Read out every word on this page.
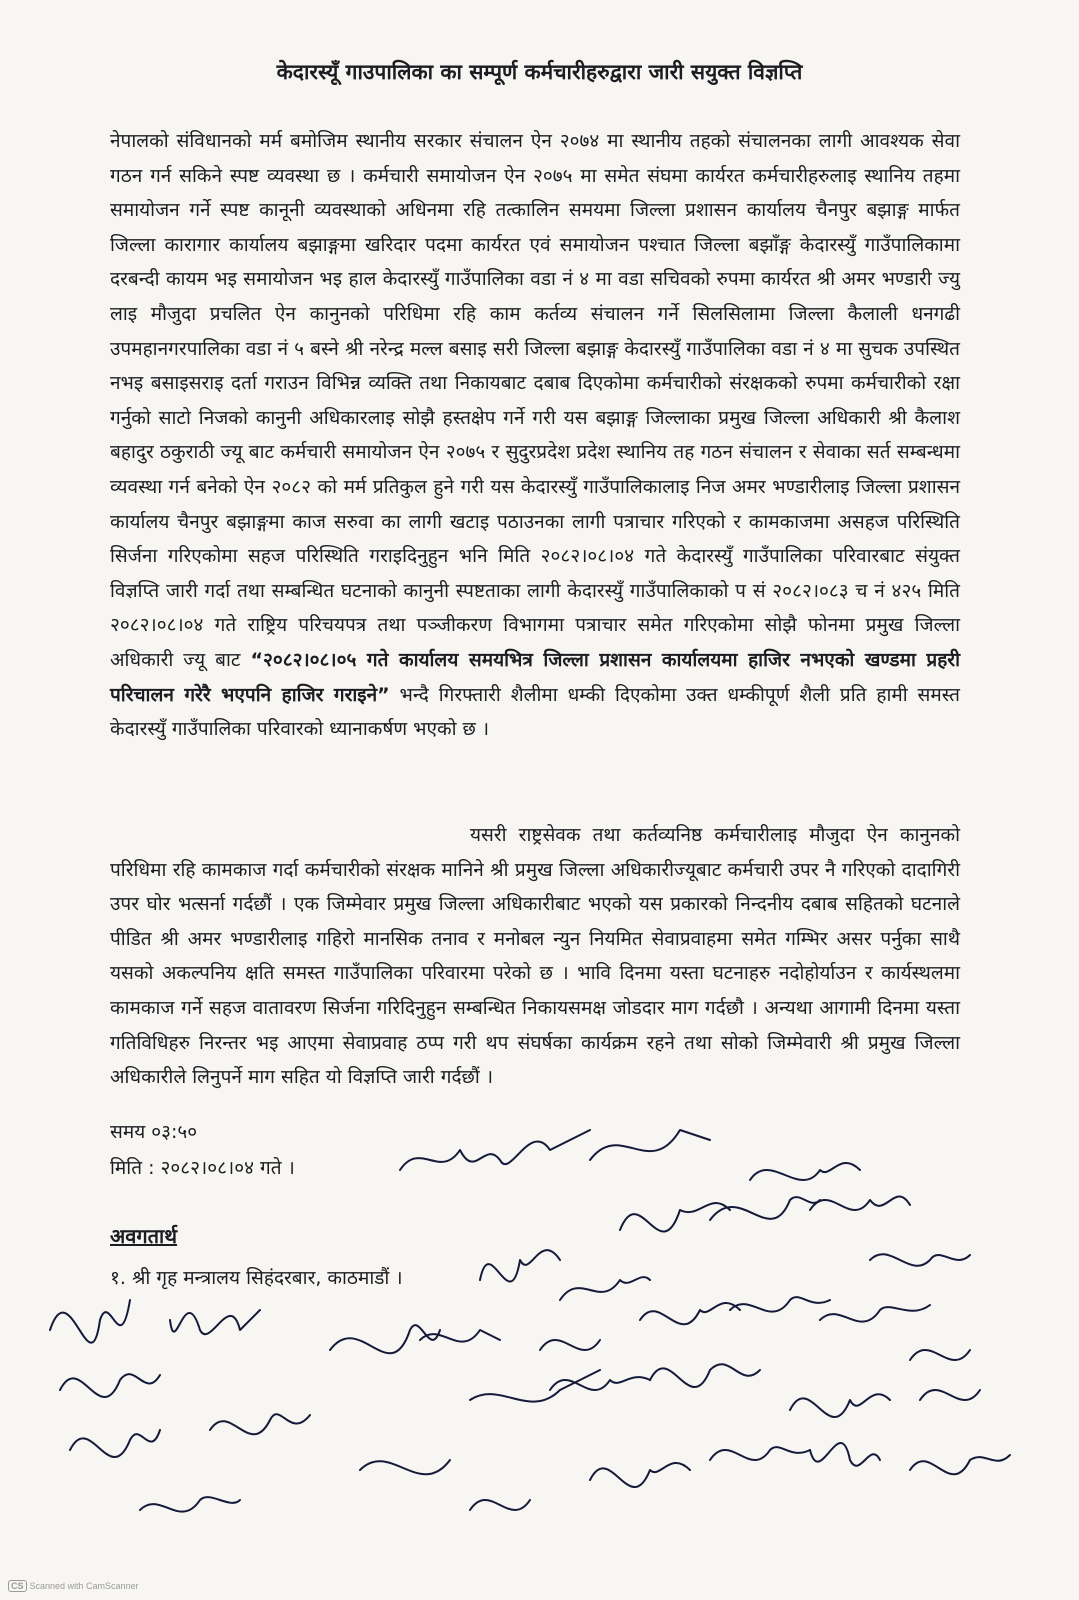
केदारस्यूँ गाउपालिका का सम्पूर्ण कर्मचारीहरुद्वारा जारी सयुक्त विज्ञप्ति

नेपालको संविधानको मर्म बमोजिम स्थानीय सरकार संचालन ऐन २०७४ मा स्थानीय तहको संचालनका लागी आवश्यक सेवा गठन गर्न सकिने स्पष्ट व्यवस्था छ । कर्मचारी समायोजन ऐन २०७५ मा समेत संघमा कार्यरत कर्मचारीहरुलाइ स्थानिय तहमा समायोजन गर्ने स्पष्ट कानूनी व्यवस्थाको अधिनमा रहि तत्कालिन समयमा जिल्ला प्रशासन कार्यालय चैनपुर बझाङ्ग मार्फत जिल्ला कारागार कार्यालय बझाङ्गमा खरिदार पदमा कार्यरत एवं समायोजन पश्चात जिल्ला बझाँङ्ग केदारस्युँ गाउँपालिकामा दरबन्दी कायम भइ समायोजन भइ हाल केदारस्युँ गाउँपालिका वडा नं ४ मा वडा सचिवको रुपमा कार्यरत श्री अमर भण्डारी ज्यु लाइ मौजुदा प्रचलित ऐन कानुनको परिधिमा रहि काम कर्तव्य संचालन गर्ने सिलसिलामा जिल्ला कैलाली धनगढी उपमहानगरपालिका वडा नं ५ बस्ने श्री नरेन्द्र मल्ल बसाइ सरी जिल्ला बझाङ्ग केदारस्युँ गाउँपालिका वडा नं ४ मा सुचक उपस्थित नभइ बसाइसराइ दर्ता गराउन विभिन्न व्यक्ति तथा निकायबाट दबाब दिएकोमा कर्मचारीको संरक्षकको रुपमा कर्मचारीको रक्षा गर्नुको साटो निजको कानुनी अधिकारलाइ सोझै हस्तक्षेप गर्ने गरी यस बझाङ्ग जिल्लाका प्रमुख जिल्ला अधिकारी श्री कैलाश बहादुर ठकुराठी ज्यू बाट कर्मचारी समायोजन ऐन २०७५ र सुदुरप्रदेश प्रदेश स्थानिय तह गठन संचालन र सेवाका सर्त सम्बन्धमा व्यवस्था गर्न बनेको ऐन २०८२ को मर्म प्रतिकुल हुने गरी यस केदारस्युँ गाउँपालिकालाइ निज अमर भण्डारीलाइ जिल्ला प्रशासन कार्यालय चैनपुर बझाङ्गमा काज सरुवा का लागी खटाइ पठाउनका लागी पत्राचार गरिएको र कामकाजमा असहज परिस्थिति सिर्जना गरिएकोमा सहज परिस्थिति गराइदिनुहुन भनि मिति २०८२।०८।०४ गते केदारस्युँ गाउँपालिका परिवारबाट संयुक्त विज्ञप्ति जारी गर्दा तथा सम्बन्धित घटनाको कानुनी स्पष्टताका लागी केदारस्युँ गाउँपालिकाको प सं २०८२।०८३ च नं ४२५ मिति २०८२।०८।०४ गते राष्ट्रिय परिचयपत्र तथा पञ्जीकरण विभागमा पत्राचार समेत गरिएकोमा सोझै फोनमा प्रमुख जिल्ला अधिकारी ज्यू बाट “२०८२।०८।०५ गते कार्यालय समयभित्र जिल्ला प्रशासन कार्यालयमा हाजिर नभएको खण्डमा प्रहरी परिचालन गरेरै भएपनि हाजिर गराइने” भन्दै गिरफ्तारी शैलीमा धम्की दिएकोमा उक्त धम्कीपूर्ण शैली प्रति हामी समस्त केदारस्युँ गाउँपालिका परिवारको ध्यानाकर्षण भएको छ ।

यसरी राष्ट्रसेवक तथा कर्तव्यनिष्ठ कर्मचारीलाइ मौजुदा ऐन कानुनको परिधिमा रहि कामकाज गर्दा कर्मचारीको संरक्षक मानिने श्री प्रमुख जिल्ला अधिकारीज्यूबाट कर्मचारी उपर नै गरिएको दादागिरी उपर घोर भत्सर्ना गर्दछौं । एक जिम्मेवार प्रमुख जिल्ला अधिकारीबाट भएको यस प्रकारको निन्दनीय दबाब सहितको घटनाले पीडित श्री अमर भण्डारीलाइ गहिरो मानसिक तनाव र मनोबल न्युन नियमित सेवाप्रवाहमा समेत गम्भिर असर पर्नुका साथै यसको अकल्पनिय क्षति समस्त गाउँपालिका परिवारमा परेको छ । भावि दिनमा यस्ता घटनाहरु नदोहोर्याउन र कार्यस्थलमा कामकाज गर्ने सहज वातावरण सिर्जना गरिदिनुहुन सम्बन्धित निकायसमक्ष जोडदार माग गर्दछौ । अन्यथा आगामी दिनमा यस्ता गतिविधिहरु निरन्तर भइ आएमा सेवाप्रवाह ठप्प गरी थप संघर्षका कार्यक्रम रहने तथा सोको जिम्मेवारी श्री प्रमुख जिल्ला अधिकारीले लिनुपर्ने माग सहित यो विज्ञप्ति जारी गर्दछौं ।

समय ०३:५०
मिति : २०८२।०८।०४ गते ।
अवगतार्थ
१. श्री गृह मन्त्रालय सिहंदरबार, काठमाडौं ।
CS Scanned with CamScanner
